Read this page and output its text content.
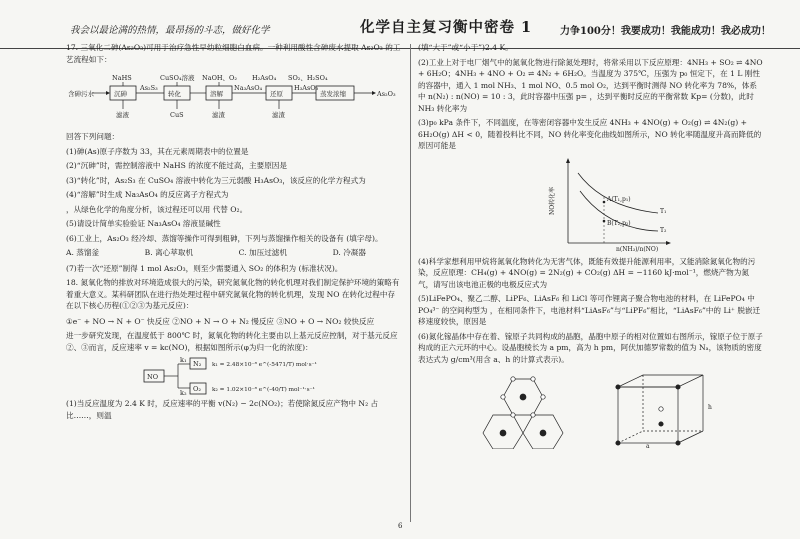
我会以最论满的热情，最昂扬的斗志，做好化学	化学自主复习衡中密卷 1	力争100分！我要成功！我能成功！我必成功！

17. 三氧化二砷(As₂O₃)可用于治疗急性早幼粒细胞白血病。一种利用酸性含砷废水提取 As₂O₃ 的工艺流程如下：

含砷污水	沉砷
NaHS
滤液
As₂S₃
转化
CuSO₄溶液
CuS
溶解
NaOH、O₂
滤渣
Na₃AsO₄
还原
H₂AsO₄ SO₂、H₂SO₄
滤渣
H₃AsO₃
蒸发浓缩	As₂O₃

回答下列问题：

(1)砷(As)原子序数为 33，其在元素周期表中的位置是

(2)“沉砷”时，需控制溶液中 NaHS 的浓度不能过高，主要原因是

(3)“转化”时，As₂S₃ 在 CuSO₄ 溶液中转化为三元弱酸 H₃AsO₃，该反应的化学方程式为

(4)“溶解”时生成 Na₃AsO₄ 的反应离子方程式为

，从绿色化学的角度分析，该过程还可以用 代替 O₂。

(5)请设计简单实验验证 Na₃AsO₄ 溶液显碱性

(6)工业上，As₂O₃ 经冷却、蒸馏等操作可得到粗砷，下列与蒸馏操作相关的设备有 (填字母)。

A. 蒸馏釜	B. 离心萃取机	C. 加压过滤机	D. 冷凝器

(7)若一次“还原”制得 1 mol As₂O₃，则至少需要通入 SO₂ 的体积为 (标准状况)。

18. 氮氧化物的排放对环境造成很大的污染，研究氮氧化物的转化机理对我们制定保护环境的策略有着重大意义。某科研团队在进行热处理过程中研究氮氧化物的转化机理，发现 NO 在转化过程中存在以下核心历程(①②③为基元反应)：

①e⁻ + NO → N + O⁻ 快反应 ②NO + N → O + N₂ 慢反应 ③NO + O → NO₂ 较快反应

进一步研究发现，在温度低于 800℃ 时，氮氧化物的转化主要由以上基元反应控制，对于基元反应②、③而言，反应速率 v = kc(NO)，根据如图所示(φ为归一化的浓度)：

NO
k₁
k₂
N₂
O₂
k₁ = 2.48×10⁻⁸ e^(-5471/T) mol·s⁻¹
k₂ = 1.02×10⁻⁸ e^(-40/T) mol⁻¹·s⁻¹

(1)当反应温度为 2.4 K 时，反应速率的平衡 v(N₂) − 2c(NO₂)；若使除氮反应产物中 N₂ 占比……，则温

(填“大于”或“小于”)2.4 K。

(2)工业上对于电厂烟气中的氮氧化物进行除氮处理时，将常采用以下反应原理：4NH₃ + SO₂ ⇌ 4NO + 6H₂O；4NH₃ + 4NO + O₂ ⇌ 4N₂ + 6H₂O。当温度为 375℃，压强为 p₀ 恒定下，在 1 L 刚性的容器中，通入 1 mol NH₃、1 mol NO、0.5 mol O₂，达到平衡时测得 NO 转化率为 78%，体系中 n(N₂) : n(NO) = 10 : 3，此时容器中压强 p= ，达到平衡时反应的平衡常数 Kp= (分数)，此时 NH₃ 转化率为

(3)p₀ kPa 条件下，不同温度，在等密闭容器中发生反应 4NH₃ + 4NO(g) + O₂(g) ⇌ 4N₂(g) + 6H₂O(g) ΔH < 0，随着投料比不同，NO 转化率变化曲线如图所示，NO 转化率随温度升高而降低的原因可能是

NO转化率
n(NH₃)/n(NO)
A(T₁,p₁)
B(T₂,p₂)
T₁
T₂

(4)科学家想利用甲烷将氮氧化物转化为无害气体，既能有效提升能源利用率，又能消除氮氧化物的污染，反应原理：CH₄(g) + 4NO(g) = 2N₂(g) + CO₂(g) ΔH = −1160 kJ·mol⁻¹，燃烧产物为氮气，请写出该电池正极的电极反应式为

(5)LiFePO₄、聚乙二醇、LiPF₆、LiAsF₆ 和 LiCl 等可作锂离子聚合物电池的材料，在 LiFePO₄ 中 PO₄³⁻ 的空间构型为 ，在相同条件下，电池材料“LiAsF₆”与“LiPF₆”相比，“LiAsF₆”中的 Li⁺ 脱嵌迁移速度较快，原因是

(6)氮化镓晶体中存在着、镓原子共同构成的晶胞，晶胞中原子的相对位置如右图所示，镓原子位于原子构成的正六元环的中心。设晶胞棱长为 a pm，高为 h pm，阿伏加德罗常数的值为 Nₐ，该物质的密度表达式为 g/cm³(用含 a、h 的计算式表示)。

a
h
6
